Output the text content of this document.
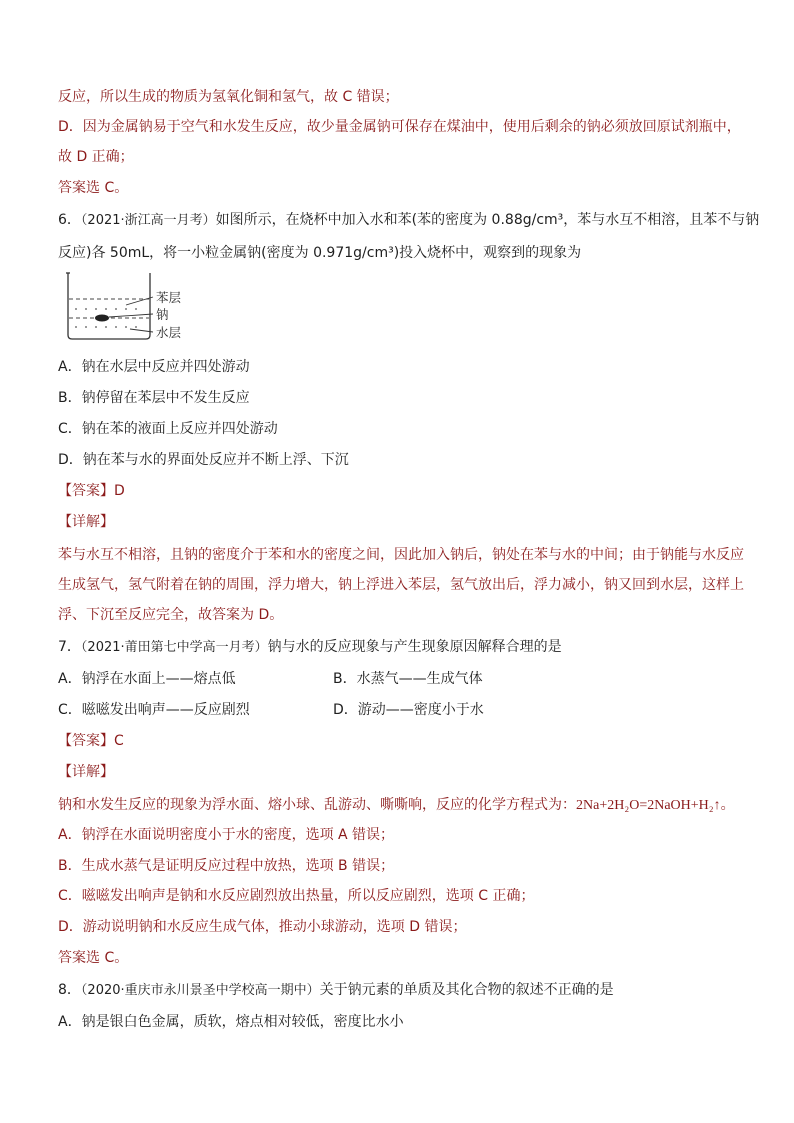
反应，所以生成的物质为氢氧化铜和氢气，故 C 错误；
D．因为金属钠易于空气和水发生反应，故少量金属钠可保存在煤油中，使用后剩余的钠必须放回原试剂瓶中，
故 D 正确；
答案选 C。
6．（2021·浙江高一月考）如图所示，在烧杯中加入水和苯(苯的密度为 0.88g/cm³，苯与水互不相溶，且苯不与钠
反应)各 50mL，将一小粒金属钠(密度为 0.971g/cm³)投入烧杯中，观察到的现象为
苯层
钠
水层
A．钠在水层中反应并四处游动
B．钠停留在苯层中不发生反应
C．钠在苯的液面上反应并四处游动
D．钠在苯与水的界面处反应并不断上浮、下沉
【答案】D
【详解】
苯与水互不相溶，且钠的密度介于苯和水的密度之间，因此加入钠后，钠处在苯与水的中间；由于钠能与水反应
生成氢气，氢气附着在钠的周围，浮力增大，钠上浮进入苯层，氢气放出后，浮力减小，钠又回到水层，这样上
浮、下沉至反应完全，故答案为 D。
7．（2021·莆田第七中学高一月考）钠与水的反应现象与产生现象原因解释合理的是
A．钠浮在水面上——熔点低	B．水蒸气——生成气体
C．嗞嗞发出响声——反应剧烈	D．游动——密度小于水
【答案】C
【详解】
钠和水发生反应的现象为浮水面、熔小球、乱游动、嘶嘶响，反应的化学方程式为：2Na+2H₂O=2NaOH+H₂↑。
A．钠浮在水面说明密度小于水的密度，选项 A 错误；
B．生成水蒸气是证明反应过程中放热，选项 B 错误；
C．嗞嗞发出响声是钠和水反应剧烈放出热量，所以反应剧烈，选项 C 正确；
D．游动说明钠和水反应生成气体，推动小球游动，选项 D 错误；
答案选 C。
8．（2020·重庆市永川景圣中学校高一期中）关于钠元素的单质及其化合物的叙述不正确的是
A．钠是银白色金属，质软，熔点相对较低，密度比水小
